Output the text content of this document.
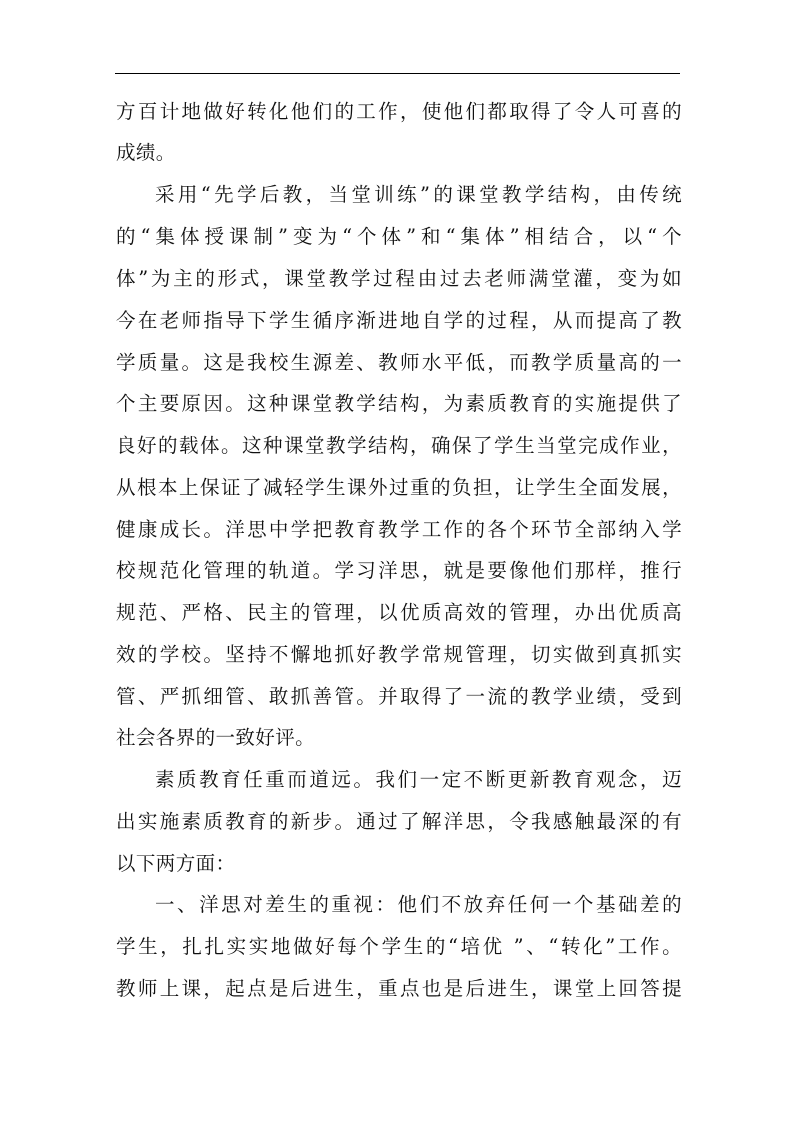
方百计地做好转化他们的工作，使他们都取得了令人可喜的
成绩。
采用“先学后教，当堂训练”的课堂教学结构，由传统
的“集体授课制”变为“个体”和“集体”相结合，以“个
体”为主的形式，课堂教学过程由过去老师满堂灌，变为如
今在老师指导下学生循序渐进地自学的过程，从而提高了教
学质量。这是我校生源差、教师水平低，而教学质量高的一
个主要原因。这种课堂教学结构，为素质教育的实施提供了
良好的载体。这种课堂教学结构，确保了学生当堂完成作业，
从根本上保证了减轻学生课外过重的负担，让学生全面发展，
健康成长。洋思中学把教育教学工作的各个环节全部纳入学
校规范化管理的轨道。学习洋思，就是要像他们那样，推行
规范、严格、民主的管理，以优质高效的管理，办出优质高
效的学校。坚持不懈地抓好教学常规管理，切实做到真抓实
管、严抓细管、敢抓善管。并取得了一流的教学业绩，受到
社会各界的一致好评。
素质教育任重而道远。我们一定不断更新教育观念，迈
出实施素质教育的新步。通过了解洋思，令我感触最深的有
以下两方面：
一、洋思对差生的重视：他们不放弃任何一个基础差的
学生，扎扎实实地做好每个学生的“培优 ”、“转化”工作。
教师上课，起点是后进生，重点也是后进生，课堂上回答提
